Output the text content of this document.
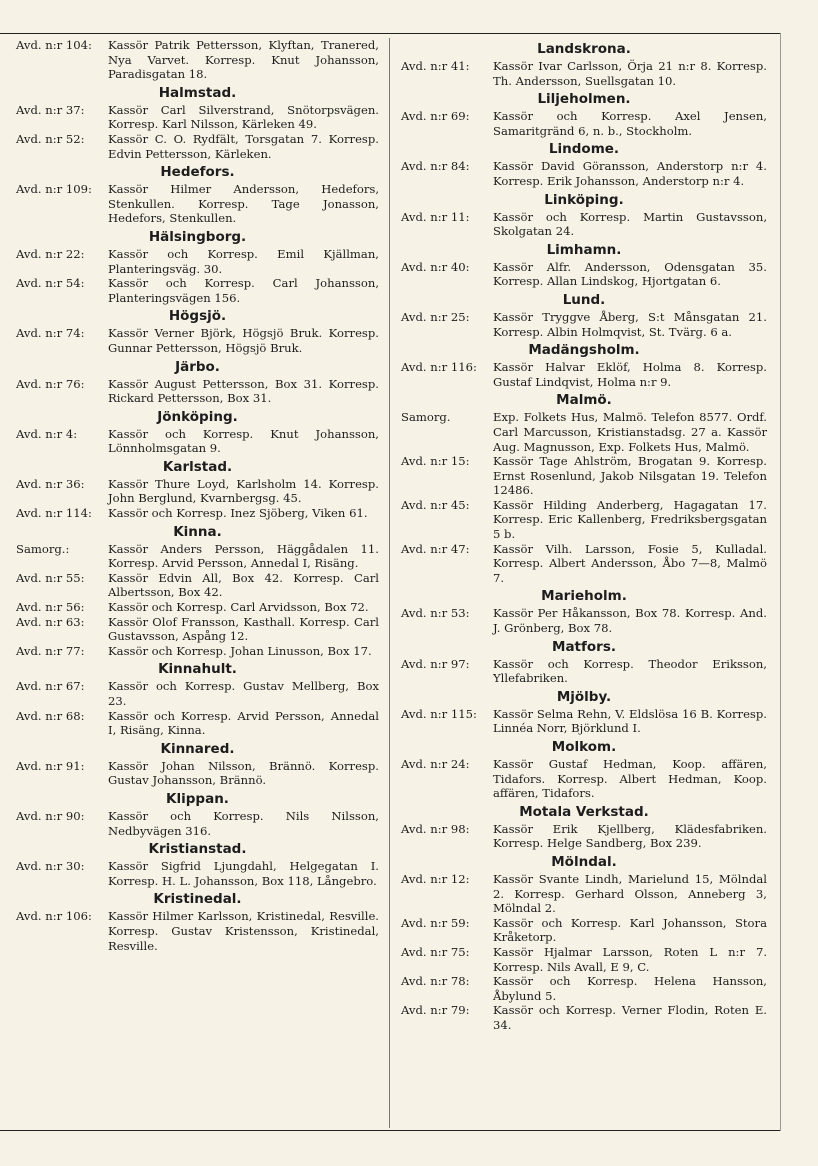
Avd. n:r 104:	Kassör Patrik Pettersson, Klyftan, Tranered, Nya Varvet. Korresp. Knut Johansson, Paradisgatan 18.
Halmstad.
Avd. n:r 37:	Kassör Carl Silverstrand, Snötorpsvägen. Korresp. Karl Nilsson, Kärleken 49.
Avd. n:r 52:	Kassör C. O. Rydfält, Torsgatan 7. Korresp. Edvin Pettersson, Kärleken.
Hedefors.
Avd. n:r 109:	Kassör Hilmer Andersson, Hedefors, Stenkullen. Korresp. Tage Jonasson, Hedefors, Stenkullen.
Hälsingborg.
Avd. n:r 22:	Kassör och Korresp. Emil Kjällman, Planteringsväg. 30.
Avd. n:r 54:	Kassör och Korresp. Carl Johansson, Planteringsvägen 156.
Högsjö.
Avd. n:r 74:	Kassör Verner Björk, Högsjö Bruk. Korresp. Gunnar Pettersson, Högsjö Bruk.
Järbo.
Avd. n:r 76:	Kassör August Pettersson, Box 31. Korresp. Rickard Pettersson, Box 31.
Jönköping.
Avd. n:r 4:	Kassör och Korresp. Knut Johansson, Lönnholmsgatan 9.
Karlstad.
Avd. n:r 36:	Kassör Thure Loyd, Karlsholm 14. Korresp. John Berglund, Kvarnbergsg. 45.
Avd. n:r 114:	Kassör och Korresp. Inez Sjöberg, Viken 61.
Kinna.
Samorg.:	Kassör Anders Persson, Häggådalen 11. Korresp. Arvid Persson, Annedal I, Risäng.
Avd. n:r 55:	Kassör Edvin All, Box 42. Korresp. Carl Albertsson, Box 42.
Avd. n:r 56:	Kassör och Korresp. Carl Arvidsson, Box 72.
Avd. n:r 63:	Kassör Olof Fransson, Kasthall. Korresp. Carl Gustavsson, Aspång 12.
Avd. n:r 77:	Kassör och Korresp. Johan Linusson, Box 17.
Kinnahult.
Avd. n:r 67:	Kassör och Korresp. Gustav Mellberg, Box 23.
Avd. n:r 68:	Kassör och Korresp. Arvid Persson, Annedal I, Risäng, Kinna.
Kinnared.
Avd. n:r 91:	Kassör Johan Nilsson, Brännö. Korresp. Gustav Johansson, Brännö.
Klippan.
Avd. n:r 90:	Kassör och Korresp. Nils Nilsson, Nedbyvägen 316.
Kristianstad.
Avd. n:r 30:	Kassör Sigfrid Ljungdahl, Helgegatan I. Korresp. H. L. Johansson, Box 118, Långebro.
Kristinedal.
Avd. n:r 106:	Kassör Hilmer Karlsson, Kristinedal, Resville. Korresp. Gustav Kristensson, Kristinedal, Resville.
Landskrona.
Avd. n:r 41:	Kassör Ivar Carlsson, Örja 21 n:r 8. Korresp. Th. Andersson, Suellsgatan 10.
Liljeholmen.
Avd. n:r 69:	Kassör och Korresp. Axel Jensen, Samaritgränd 6, n. b., Stockholm.
Lindome.
Avd. n:r 84:	Kassör David Göransson, Anderstorp n:r 4. Korresp. Erik Johansson, Anderstorp n:r 4.
Linköping.
Avd. n:r 11:	Kassör och Korresp. Martin Gustavsson, Skolgatan 24.
Limhamn.
Avd. n:r 40:	Kassör Alfr. Andersson, Odensgatan 35. Korresp. Allan Lindskog, Hjortgatan 6.
Lund.
Avd. n:r 25:	Kassör Tryggve Åberg, S:t Månsgatan 21. Korresp. Albin Holmqvist, St. Tvärg. 6 a.
Madängsholm.
Avd. n:r 116:	Kassör Halvar Eklöf, Holma 8. Korresp. Gustaf Lindqvist, Holma n:r 9.
Malmö.
Samorg.	Exp. Folkets Hus, Malmö. Telefon 8577. Ordf. Carl Marcusson, Kristianstadsg. 27 a. Kassör Aug. Magnusson, Exp. Folkets Hus, Malmö.
Avd. n:r 15:	Kassör Tage Ahlström, Brogatan 9. Korresp. Ernst Rosenlund, Jakob Nilsgatan 19. Telefon 12486.
Avd. n:r 45:	Kassör Hilding Anderberg, Hagagatan 17. Korresp. Eric Kallenberg, Fredriksbergsgatan 5 b.
Avd. n:r 47:	Kassör Vilh. Larsson, Fosie 5, Kulladal. Korresp. Albert Andersson, Åbo 7—8, Malmö 7.
Marieholm.
Avd. n:r 53:	Kassör Per Håkansson, Box 78. Korresp. And. J. Grönberg, Box 78.
Matfors.
Avd. n:r 97:	Kassör och Korresp. Theodor Eriksson, Yllefabriken.
Mjölby.
Avd. n:r 115:	Kassör Selma Rehn, V. Eldslösa 16 B. Korresp. Linnéa Norr, Björklund I.
Molkom.
Avd. n:r 24:	Kassör Gustaf Hedman, Koop. affären, Tidafors. Korresp. Albert Hedman, Koop. affären, Tidafors.
Motala Verkstad.
Avd. n:r 98:	Kassör Erik Kjellberg, Klädesfabriken. Korresp. Helge Sandberg, Box 239.
Mölndal.
Avd. n:r 12:	Kassör Svante Lindh, Marielund 15, Mölndal 2. Korresp. Gerhard Olsson, Anneberg 3, Mölndal 2.
Avd. n:r 59:	Kassör och Korresp. Karl Johansson, Stora Kråketorp.
Avd. n:r 75:	Kassör Hjalmar Larsson, Roten L n:r 7. Korresp. Nils Avall, E 9, C.
Avd. n:r 78:	Kassör och Korresp. Helena Hansson, Åbylund 5.
Avd. n:r 79:	Kassör och Korresp. Verner Flodin, Roten E. 34.
